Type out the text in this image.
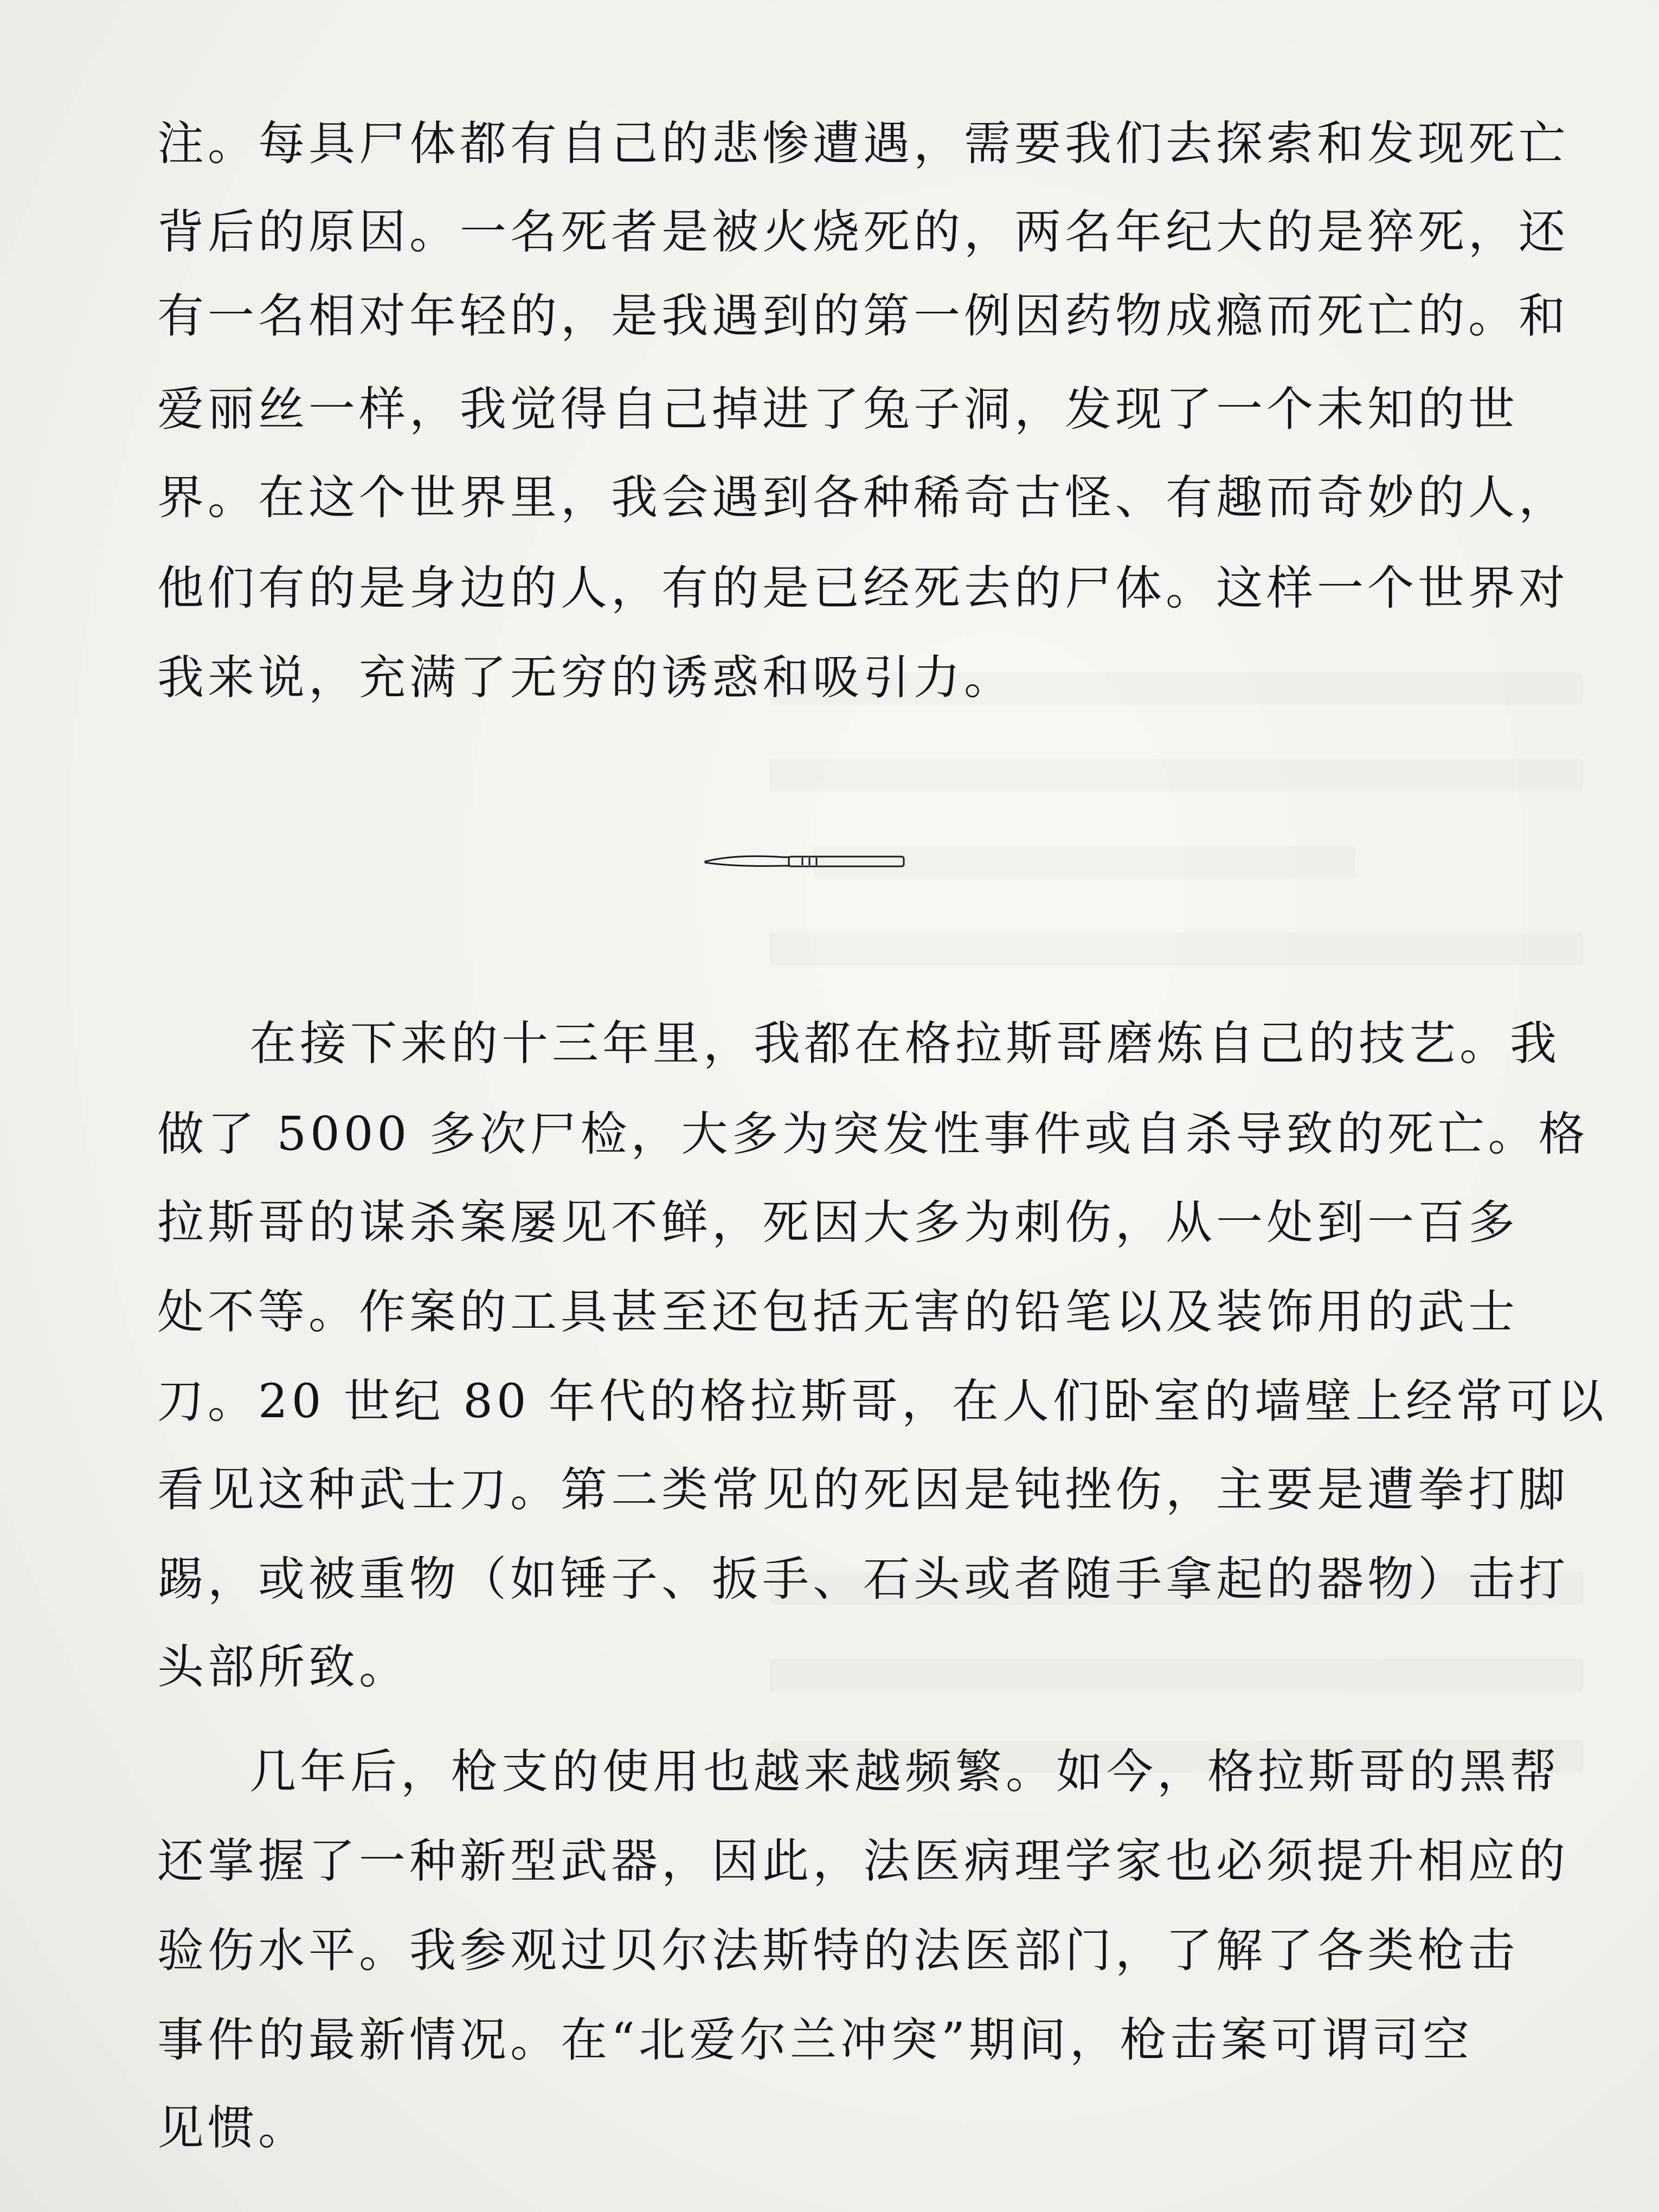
注。每具尸体都有自己的悲惨遭遇，需要我们去探索和发现死亡
背后的原因。一名死者是被火烧死的，两名年纪大的是猝死，还
有一名相对年轻的，是我遇到的第一例因药物成瘾而死亡的。和
爱丽丝一样，我觉得自己掉进了兔子洞，发现了一个未知的世
界。在这个世界里，我会遇到各种稀奇古怪、有趣而奇妙的人，
他们有的是身边的人，有的是已经死去的尸体。这样一个世界对
我来说，充满了无穷的诱惑和吸引力。
在接下来的十三年里，我都在格拉斯哥磨炼自己的技艺。我
做了 5000 多次尸检，大多为突发性事件或自杀导致的死亡。格
拉斯哥的谋杀案屡见不鲜，死因大多为刺伤，从一处到一百多
处不等。作案的工具甚至还包括无害的铅笔以及装饰用的武士
刀。20 世纪 80 年代的格拉斯哥，在人们卧室的墙壁上经常可以
看见这种武士刀。第二类常见的死因是钝挫伤，主要是遭拳打脚
踢，或被重物（如锤子、扳手、石头或者随手拿起的器物）击打
头部所致。
几年后，枪支的使用也越来越频繁。如今，格拉斯哥的黑帮
还掌握了一种新型武器，因此，法医病理学家也必须提升相应的
验伤水平。我参观过贝尔法斯特的法医部门，了解了各类枪击
事件的最新情况。在“北爱尔兰冲突”期间，枪击案可谓司空
见惯。
